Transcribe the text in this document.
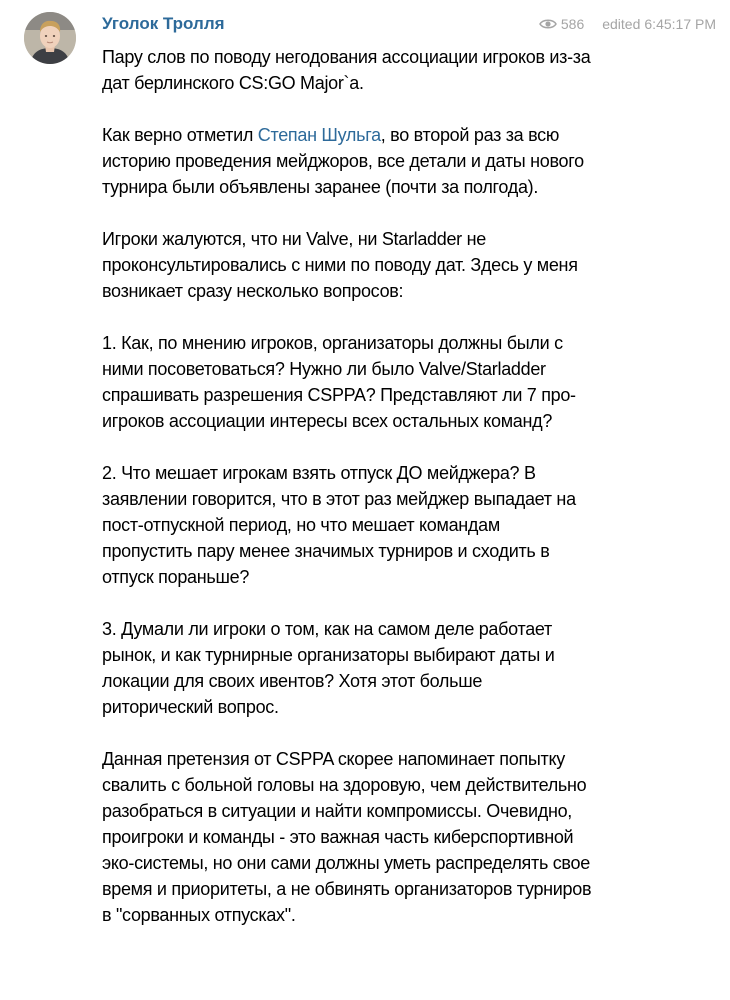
Уголок Тролля	586 edited 6:45:17 PM

Пару слов по поводу негодования ассоциации игроков из-за дат берлинского CS:GO Major`a.

Как верно отметил Степан Шульга, во второй раз за всю историю проведения мейджоров, все детали и даты нового турнира были объявлены заранее (почти за полгода).

Игроки жалуются, что ни Valve, ни Starladder не проконсультировались с ними по поводу дат. Здесь у меня возникает сразу несколько вопросов:

1. Как, по мнению игроков, организаторы должны были с ними посоветоваться? Нужно ли было Valve/Starladder спрашивать разрешения CSPPA? Представляют ли 7 про-игроков ассоциации интересы всех остальных команд?

2. Что мешает игрокам взять отпуск ДО мейджера? В заявлении говорится, что в этот раз мейджер выпадает на пост-отпускной период, но что мешает командам пропустить пару менее значимых турниров и сходить в отпуск пораньше?

3. Думали ли игроки о том, как на самом деле работает рынок, и как турнирные организаторы выбирают даты и локации для своих ивентов? Хотя этот больше риторический вопрос.

Данная претензия от CSPPA скорее напоминает попытку свалить с больной головы на здоровую, чем действительно разобраться в ситуации и найти компромиссы. Очевидно, проигроки и команды - это важная часть киберспортивной эко-системы, но они сами должны уметь распределять свое время и приоритеты, а не обвинять организаторов турниров в "сорванных отпусках".
